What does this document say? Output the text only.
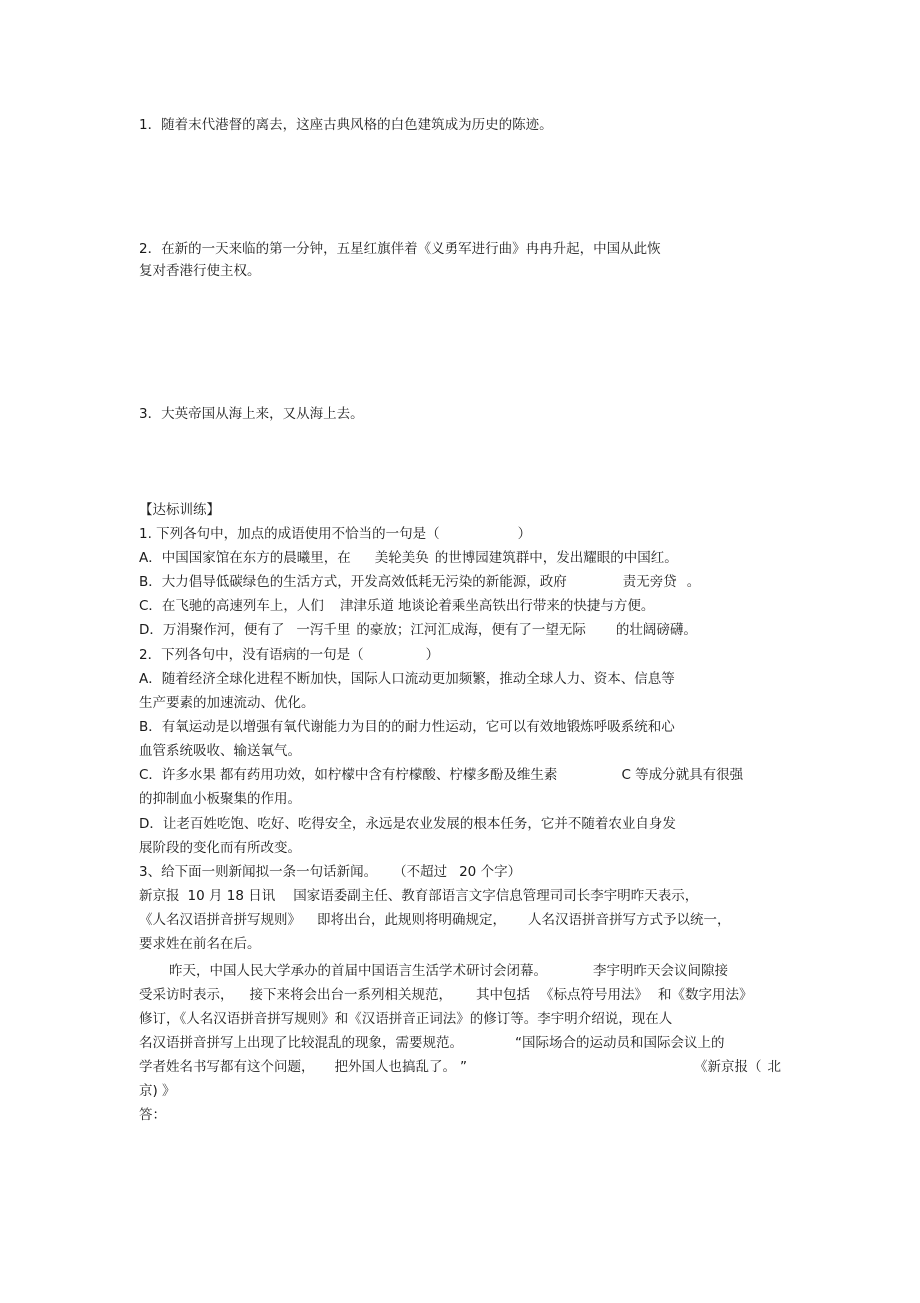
1．随着末代港督的离去，这座古典风格的白色建筑成为历史的陈迹。
2．在新的一天来临的第一分钟，五星红旗伴着《义勇军进行曲》冉冉升起，中国从此恢
复对香港行使主权。
3．大英帝国从海上来，又从海上去。
【达标训练】
1. 下列各句中，加点的成语使用不恰当的一句是（	）
A．中国国家馆在东方的晨曦里，在 美轮美奂 的世博园建筑群中，发出耀眼的中国红。
B．大力倡导低碳绿色的生活方式，开发高效低耗无污染的新能源，政府	责无旁贷 。
C．在飞驰的高速列车上，人们 津津乐道 地谈论着乘坐高铁出行带来的快捷与方便。
D．万涓聚作河，便有了 一泻千里 的豪放；江河汇成海，便有了一望无际 的壮阔磅礴。
2．下列各句中，没有语病的一句是（	）
A．随着经济全球化进程不断加快，国际人口流动更加频繁，推动全球人力、资本、信息等
生产要素的加速流动、优化。
B．有氧运动是以增强有氧代谢能力为目的的耐力性运动，它可以有效地锻炼呼吸系统和心
血管系统吸收、输送氧气。
C．许多水果 都有药用功效，如柠檬中含有柠檬酸、柠檬多酚及维生素	C 等成分就具有很强
的抑制血小板聚集的作用。
D．让老百姓吃饱、吃好、吃得安全，永远是农业发展的根本任务，它并不随着农业自身发
展阶段的变化而有所改变。
3、给下面一则新闻拟一条一句话新闻。 （不超过 20 个字）
新京报 10 月 18 日讯 国家语委副主任、教育部语言文字信息管理司司长李宇明昨天表示，
《人名汉语拼音拼写规则》 即将出台，此规则将明确规定， 人名汉语拼音拼写方式予以统一，
要求姓在前名在后。
昨天，中国人民大学承办的首届中国语言生活学术研讨会闭幕。	李宇明昨天会议间隙接
受采访时表示， 接下来将会出台一系列相关规范， 其中包括 《标点符号用法》 和《数字用法》
修订，《人名汉语拼音拼写规则》和《汉语拼音正词法》的修订等。李宇明介绍说，现在人
名汉语拼音拼写上出现了比较混乱的现象，需要规范。	“国际场合的运动员和国际会议上的
学者姓名书写都有这个问题， 把外国人也搞乱了。 ”	《新京报（ 北
京) 》
答：
